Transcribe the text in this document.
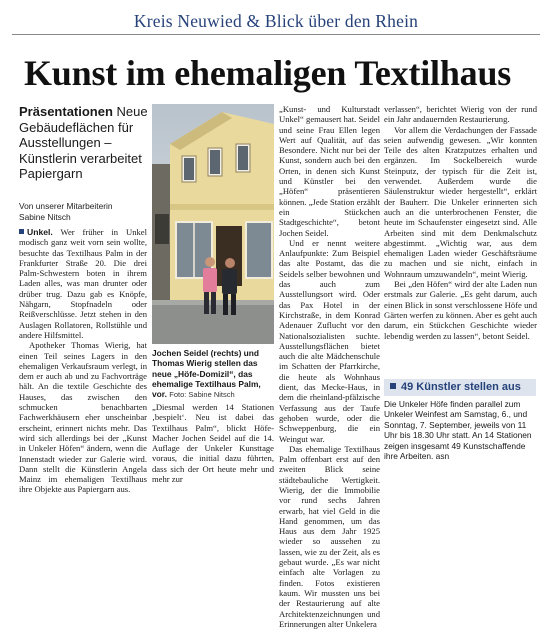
Kreis Neuwied & Blick über den Rhein
Kunst im ehemaligen Textilhaus
Präsentationen Neue Gebäudeflächen für Ausstellungen – Künstlerin verarbeitet Papiergarn
Von unserer Mitarbeiterin
Sabine Nitsch

Unkel. Wer früher in Unkel modisch ganz weit vorn sein wollte, besuchte das Textilhaus Palm in der Frankfurter Straße 20. Die drei Palm-Schwestern boten in ihrem Laden alles, was man drunter oder drüber trug. Dazu gab es Knöpfe, Nähgarn, Stopfnadeln oder Reißverschlüsse. Jetzt stehen in den Auslagen Rollatoren, Rollstühle und andere Hilfsmittel.

Apotheker Thomas Wierig, hat einen Teil seines Lagers in den ehemaligen Verkaufsraum verlegt, in dem er auch ab und zu Fachvorträge hält. An die textile Geschichte des Hauses, das zwischen den schmucken benachbarten Fachwerkhäusern eher unscheinbar erscheint, erinnert nichts mehr. Das wird sich allerdings bei der „Kunst in Unkeler Höfen“ ändern, wenn die Innenstadt wieder zur Galerie wird. Dann stellt die Künstlerin Angela Mainz im ehemaligen Textilhaus ihre Objekte aus Papiergarn aus.

Jochen Seidel (rechts) und Thomas Wierig stellen das neue „Höfe-Domizil“, das ehemalige Textilhaus Palm, vor. Foto: Sabine Nitsch

„Diesmal werden 14 Stationen ‚bespielt‘. Neu ist dabei das Textilhaus Palm“, blickt Höfe-Macher Jochen Seidel auf die 14. Auflage der Unkeler Kunsttage voraus, die initial dazu führten, dass sich der Ort heute mehr und mehr zur

„Kunst- und Kulturstadt Unkel“ gemausert hat. Seidel und seine Frau Ellen legen Wert auf Qualität, auf das Besondere. Nicht nur bei der Kunst, sondern auch bei den Orten, in denen sich Kunst und Künstler bei den „Höfen“ präsentieren können. „Jede Station erzählt ein Stückchen Stadtgeschichte“, betont Jochen Seidel.

Und er nennt weitere Anlaufpunkte: Zum Beispiel das alte Postamt, das die Seidels selber bewohnen und das auch zum Ausstellungsort wird. Oder das Pax Hotel in der Kirchstraße, in dem Konrad Adenauer Zuflucht vor den Nationalsozialisten suchte. Ausstellungsflächen bietet auch die alte Mädchenschule im Schatten der Pfarrkirche, die heute als Wohnhaus dient, das Mecke-Haus, in dem die rheinland-pfälzische Verfassung aus der Taufe gehoben wurde, oder die Schweppenburg, die ein Weingut war.

Das ehemalige Textilhaus Palm offenbart erst auf den zweiten Blick seine städtebauliche Wertigkeit. Wierig, der die Immobilie vor rund sechs Jahren erwarb, hat viel Geld in die Hand genommen, um das Haus aus dem Jahr 1925 wieder so aussehen zu lassen, wie zu der Zeit, als es gebaut wurde. „Es war nicht einfach alte Vorlagen zu finden. Fotos existieren kaum. Wir mussten uns bei der Restaurierung auf alte Architektenzeichnungen und Erinnerungen alter Unkelera

verlassen“, berichtet Wierig von der rund ein Jahr andauernden Restaurierung.

Vor allem die Verdachungen der Fassade seien aufwendig gewesen. „Wir konnten Teile des alten Kratzputzes erhalten und ergänzen. Im Sockelbereich wurde Steinputz, der typisch für die Zeit ist, verwendet. Außerdem wurde die Säulenstruktur wieder hergestellt“, erklärt der Bauherr. Die Unkeler erinnerten sich auch an die unterbrochenen Fenster, die heute im Schaufenster eingesetzt sind. Alle Arbeiten sind mit dem Denkmalschutz abgestimmt. „Wichtig war, aus dem ehemaligen Laden wieder Geschäftsräume zu machen und sie nicht, einfach in Wohnraum umzuwandeln“, meint Wierig.

Bei „den Höfen“ wird der alte Laden nun erstmals zur Galerie. „Es geht darum, auch einen Blick in sonst verschlossene Höfe und Gärten werfen zu können. Aber es geht auch darum, ein Stückchen Geschichte wieder lebendig werden zu lassen“, betont Seidel.

49 Künstler stellen aus
Die Unkeler Höfe finden parallel zum Unkeler Weinfest am Samstag, 6., und Sonntag, 7. September, jeweils von 11 Uhr bis 18.30 Uhr statt. An 14 Stationen zeigen insgesamt 49 Kunstschaffende ihre Arbeiten. asn
